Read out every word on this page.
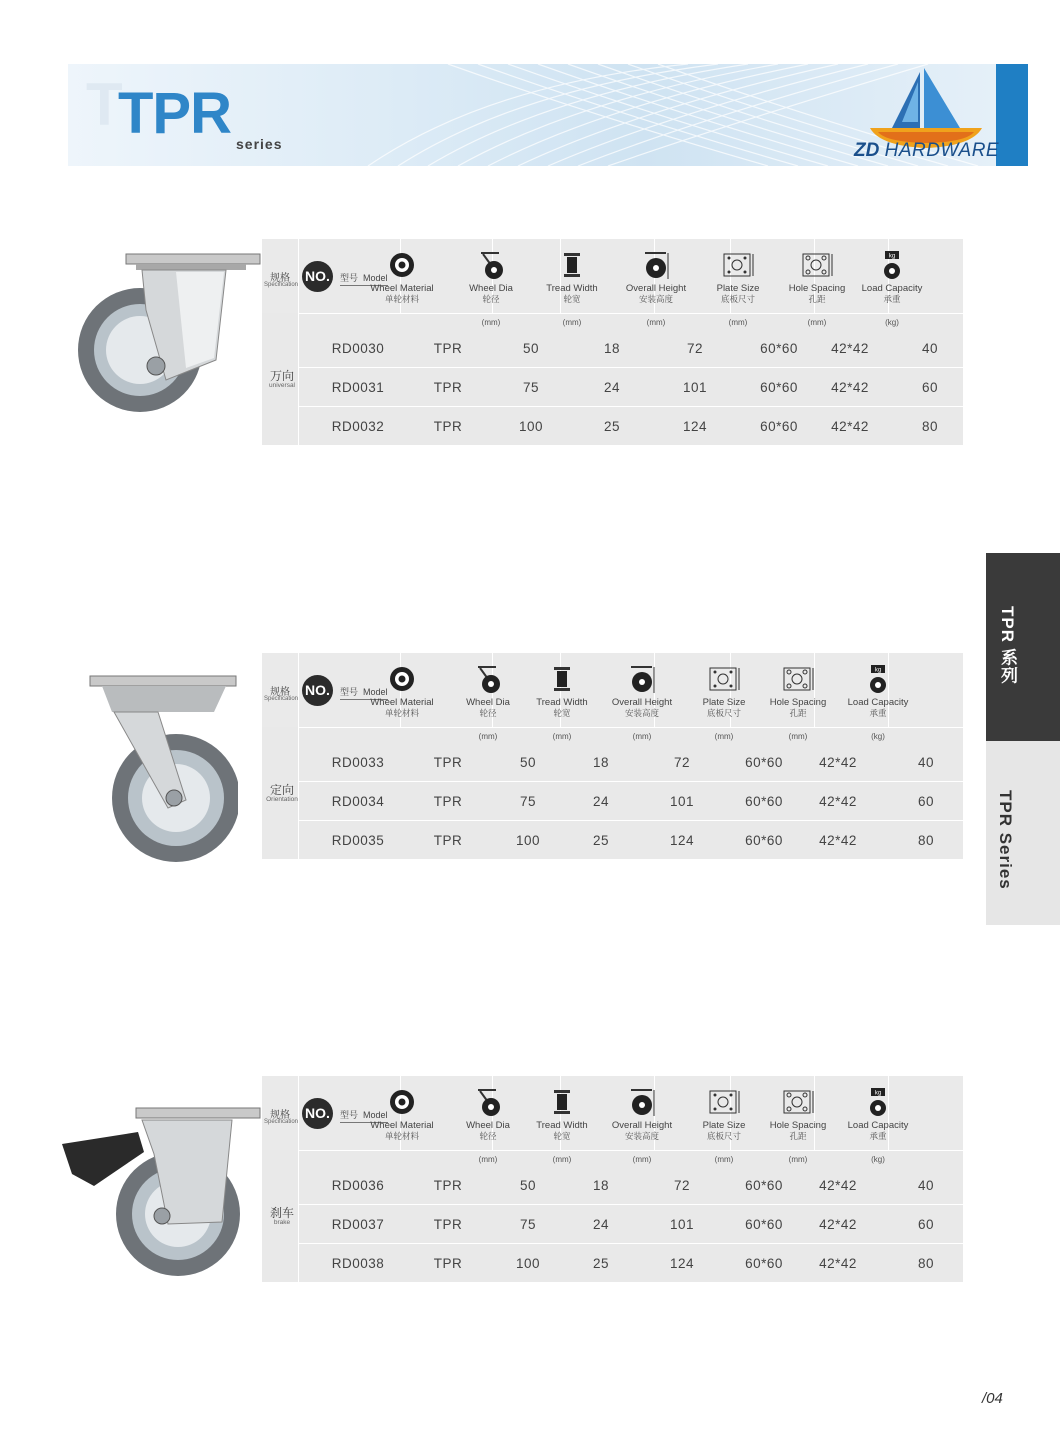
T
TPR series	ZD HARDWARE
TPR 系列
TPR Series
规格
Specification
NO.	型号 Model
Wheel Material
单轮材料
Wheel Dia
轮径
Tread Width
轮宽
Overall Height
安装高度
Plate Size
底板尺寸
Hole Spacing
孔距
kg
Load Capacity
承重
(mm)	(mm)	(mm)	(mm)	(mm)	(kg)
万向
universal
RD0030	TPR	50	18	72	60*60	42*42	40
RD0031	TPR	75	24	101	60*60	42*42	60
RD0032	TPR	100	25	124	60*60	42*42	80
规格
Specification
NO.	型号 Model
Wheel Material
单轮材料
Wheel Dia
轮径
Tread Width
轮宽
Overall Height
安装高度
Plate Size
底板尺寸
Hole Spacing
孔距
kg
Load Capacity
承重
(mm)	(mm)	(mm)	(mm)	(mm)	(kg)
定向
Orientation
RD0033	TPR	50	18	72	60*60	42*42	40
RD0034	TPR	75	24	101	60*60	42*42	60
RD0035	TPR	100	25	124	60*60	42*42	80
规格
Specification
NO.	型号 Model
Wheel Material
单轮材料
Wheel Dia
轮径
Tread Width
轮宽
Overall Height
安装高度
Plate Size
底板尺寸
Hole Spacing
孔距
kg
Load Capacity
承重
(mm)	(mm)	(mm)	(mm)	(mm)	(kg)
刹车
brake
RD0036	TPR	50	18	72	60*60	42*42	40
RD0037	TPR	75	24	101	60*60	42*42	60
RD0038	TPR	100	25	124	60*60	42*42	80
/04
